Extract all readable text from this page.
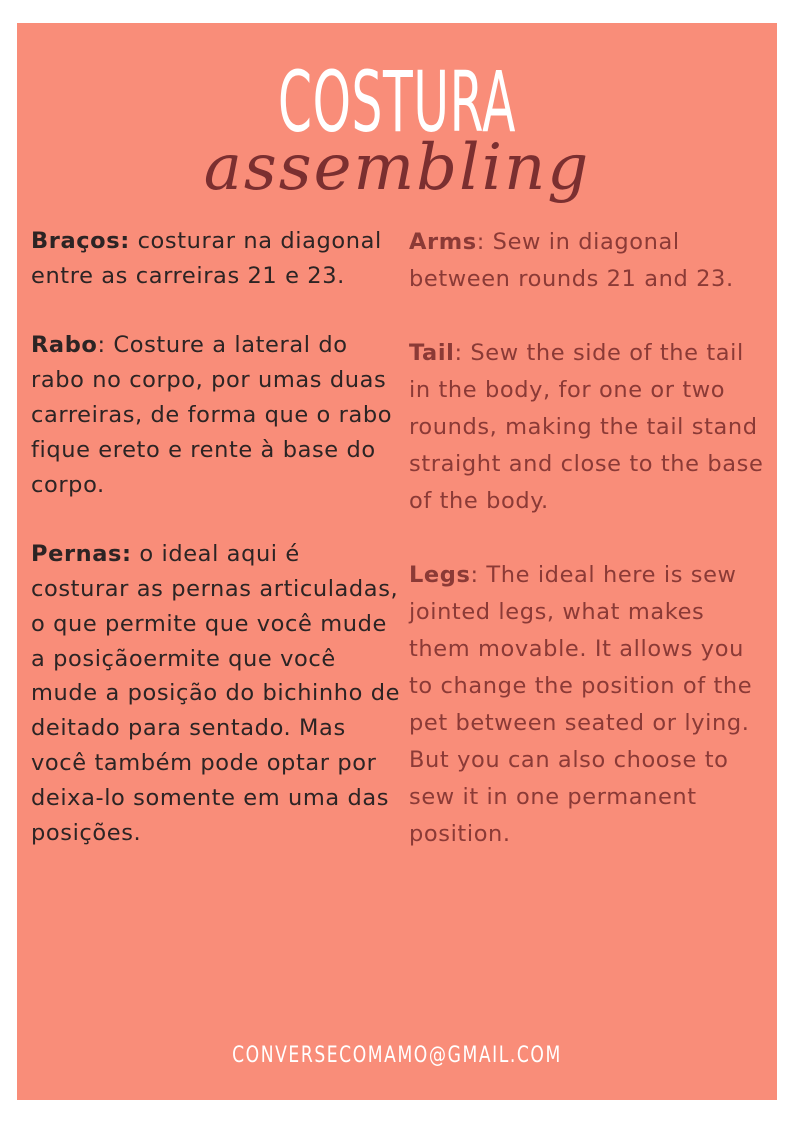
COSTURA
assembling

Braços: costurar na diagonal entre as carreiras 21 e 23.

Rabo: Costure a lateral do rabo no corpo, por umas duas carreiras, de forma que o rabo fique ereto e rente à base do corpo.

Pernas: o ideal aqui é costurar as pernas articuladas, o que permite que você mude a posiçãoermite que você mude a posição do bichinho de deitado para sentado. Mas você também pode optar por deixa-lo somente em uma das posições.

Arms: Sew in diagonal between rounds 21 and 23.

Tail: Sew the side of the tail in the body, for one or two rounds, making the tail stand straight and close to the base of the body.

Legs: The ideal here is sew jointed legs, what makes them movable. It allows you to change the position of the pet between seated or lying. But you can also choose to sew it in one permanent position.

CONVERSECOMAMO@GMAIL.COM
